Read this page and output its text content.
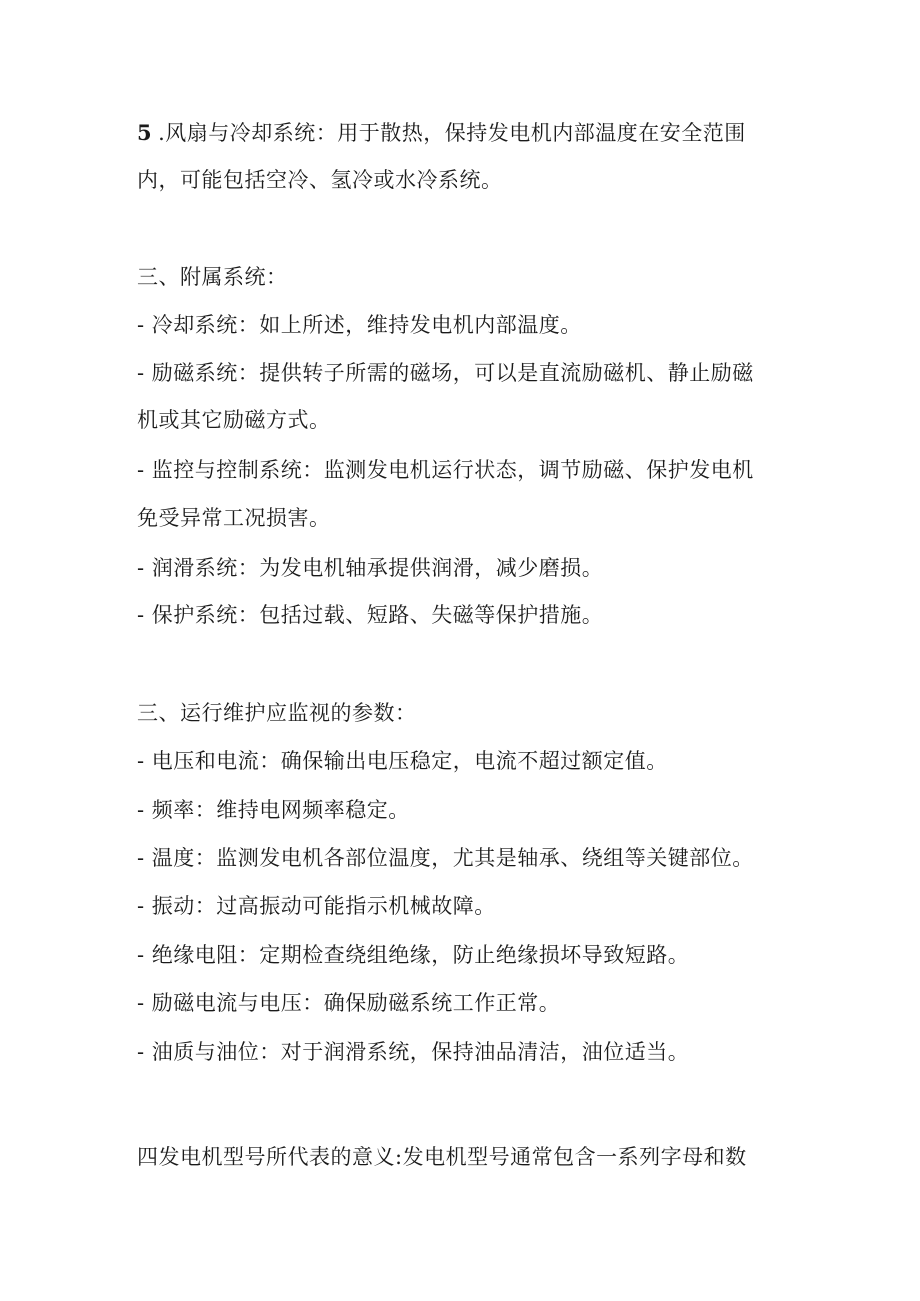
5 .风扇与冷却系统：用于散热，保持发电机内部温度在安全范围
内，可能包括空冷、氢冷或水冷系统。
三、附属系统：
- 冷却系统：如上所述，维持发电机内部温度。
- 励磁系统：提供转子所需的磁场，可以是直流励磁机、静止励磁
机或其它励磁方式。
- 监控与控制系统：监测发电机运行状态，调节励磁、保护发电机
免受异常工况损害。
- 润滑系统：为发电机轴承提供润滑，减少磨损。
- 保护系统：包括过载、短路、失磁等保护措施。
三、运行维护应监视的参数：
- 电压和电流：确保输出电压稳定，电流不超过额定值。
- 频率：维持电网频率稳定。
- 温度：监测发电机各部位温度，尤其是轴承、绕组等关键部位。
- 振动：过高振动可能指示机械故障。
- 绝缘电阻：定期检查绕组绝缘，防止绝缘损坏导致短路。
- 励磁电流与电压：确保励磁系统工作正常。
- 油质与油位：对于润滑系统，保持油品清洁，油位适当。
四发电机型号所代表的意义:发电机型号通常包含一系列字母和数
